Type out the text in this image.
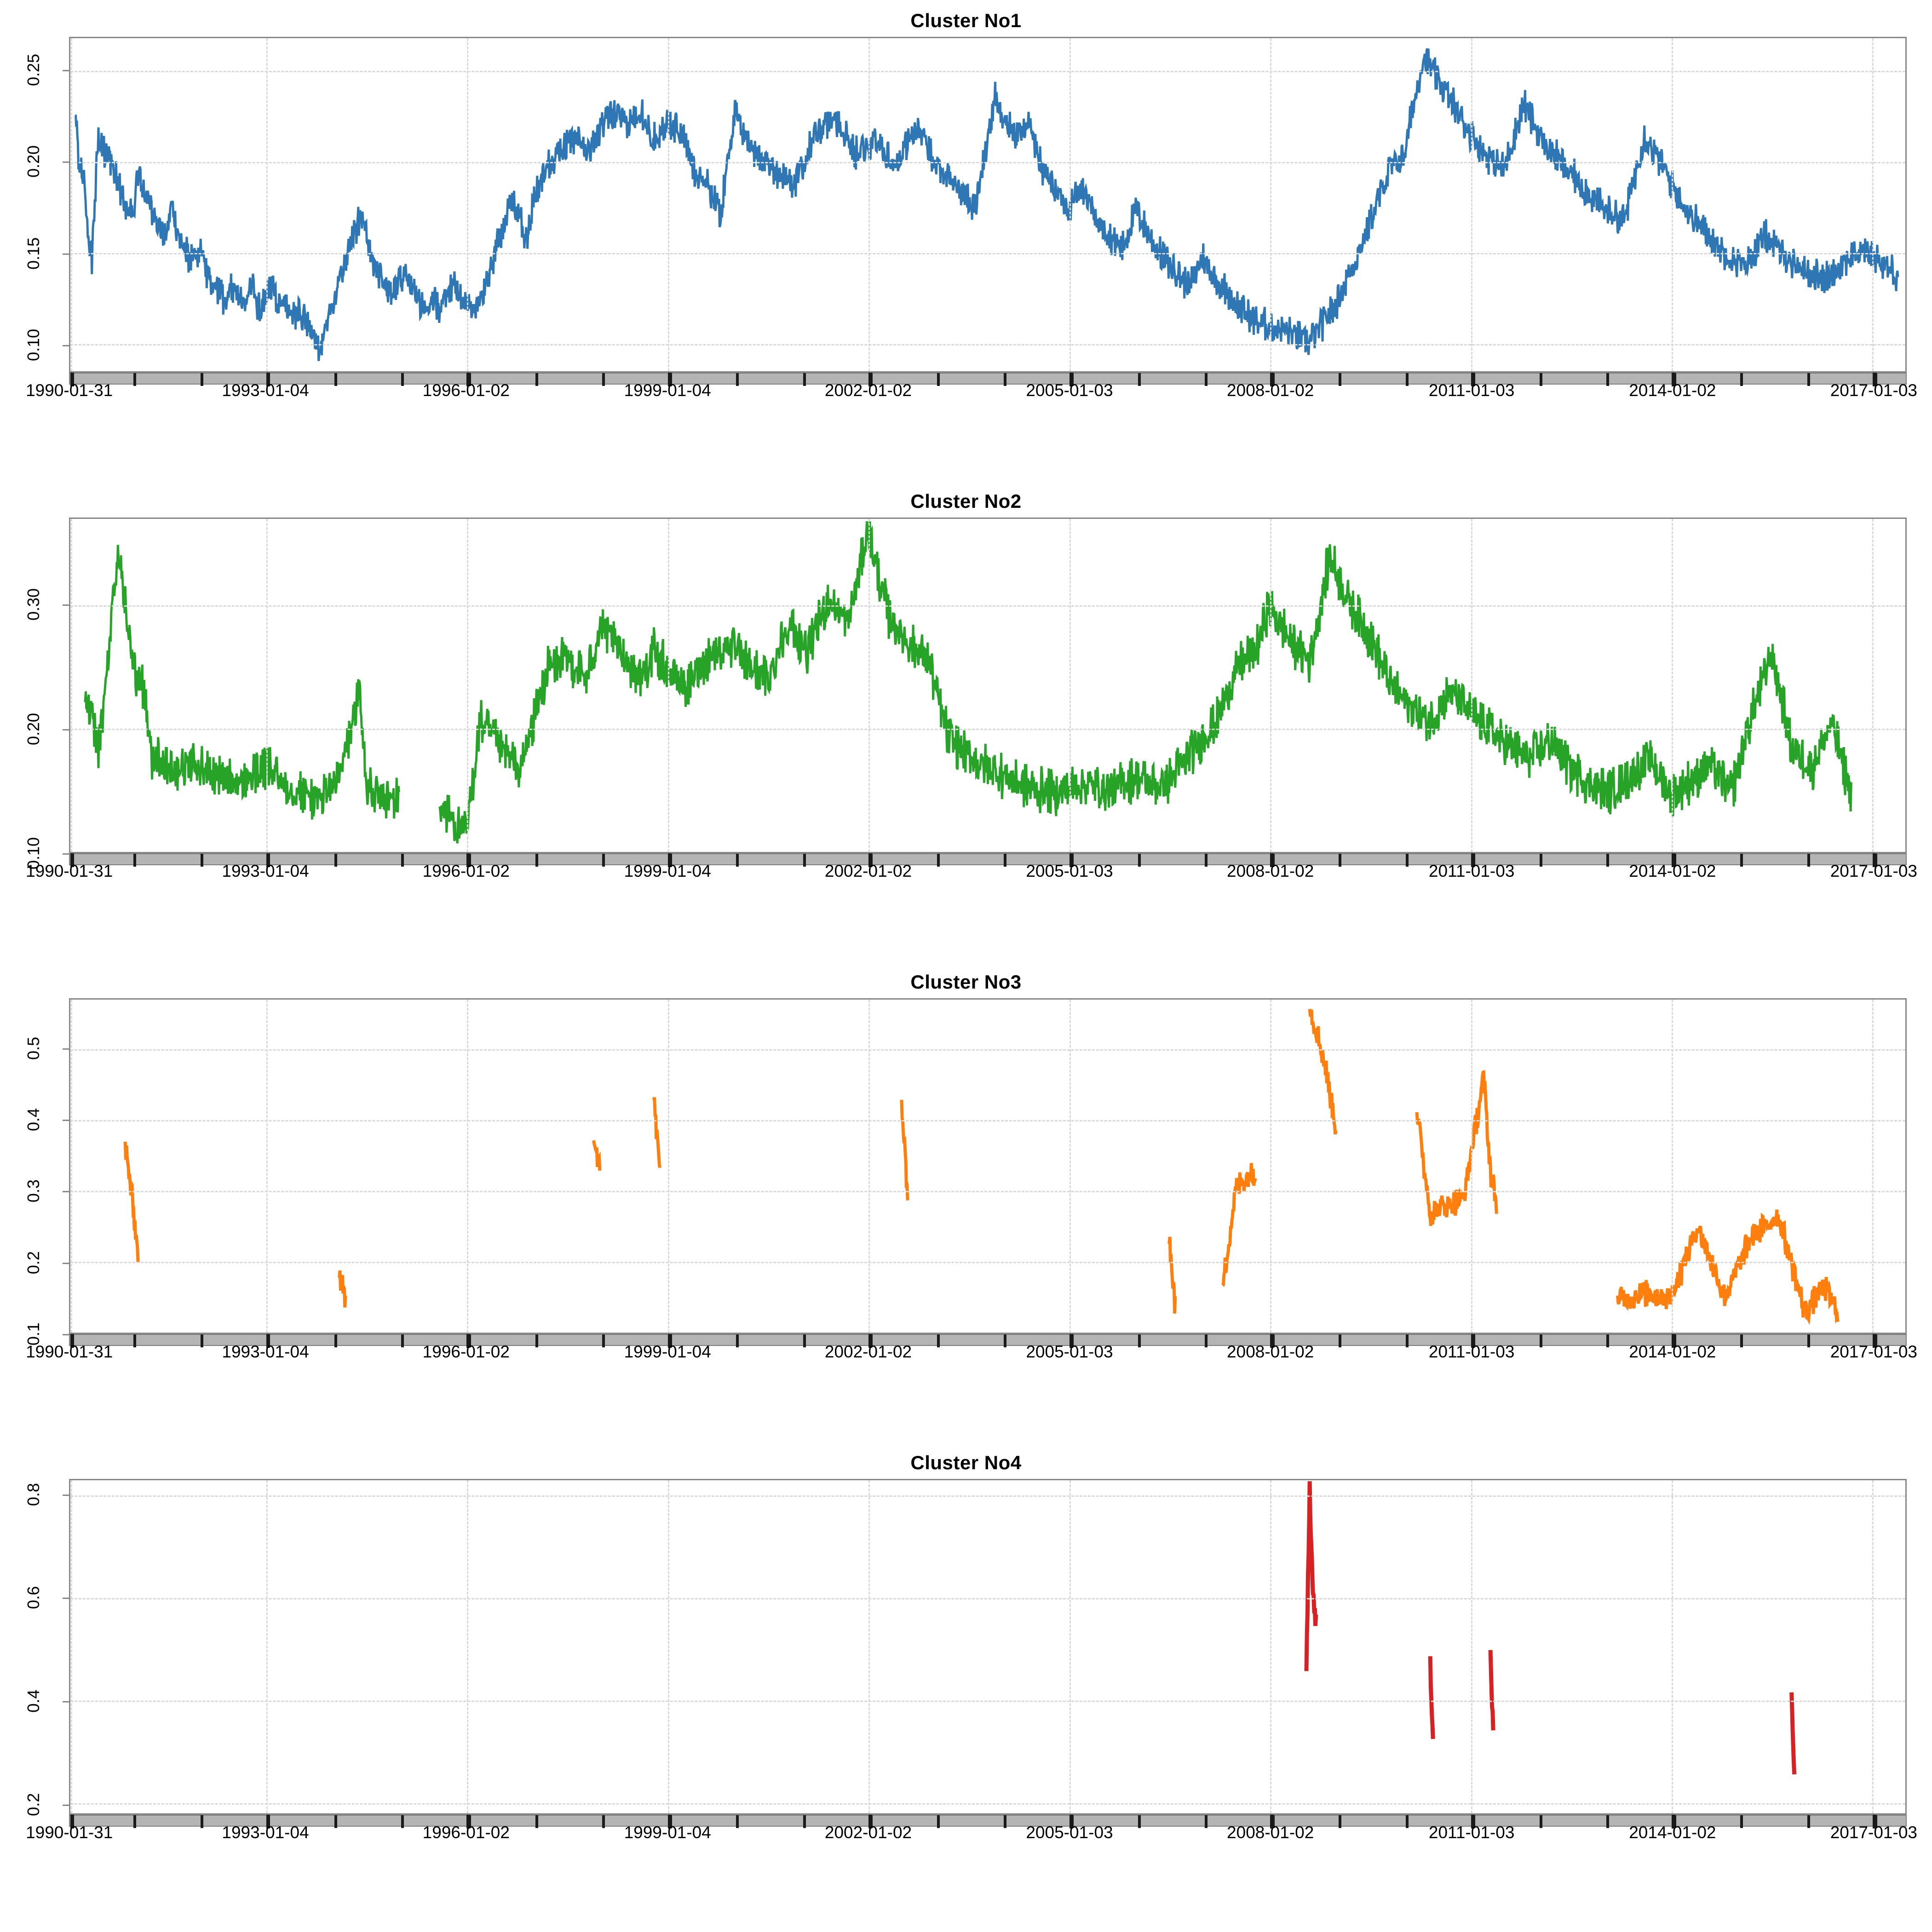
Cluster No1
0.10
0.15
0.20
0.25
1990-01-31	1993-01-04	1996-01-02	1999-01-04	2002-01-02	2005-01-03	2008-01-02	2011-01-03	2014-01-02	2017-01-03
Cluster No2
0.10
0.20
0.30
1990-01-31	1993-01-04	1996-01-02	1999-01-04	2002-01-02	2005-01-03	2008-01-02	2011-01-03	2014-01-02	2017-01-03
Cluster No3
0.1
0.2
0.3
0.4
0.5
1990-01-31	1993-01-04	1996-01-02	1999-01-04	2002-01-02	2005-01-03	2008-01-02	2011-01-03	2014-01-02	2017-01-03
Cluster No4
0.2
0.4
0.6
0.8
1990-01-31	1993-01-04	1996-01-02	1999-01-04	2002-01-02	2005-01-03	2008-01-02	2011-01-03	2014-01-02	2017-01-03
